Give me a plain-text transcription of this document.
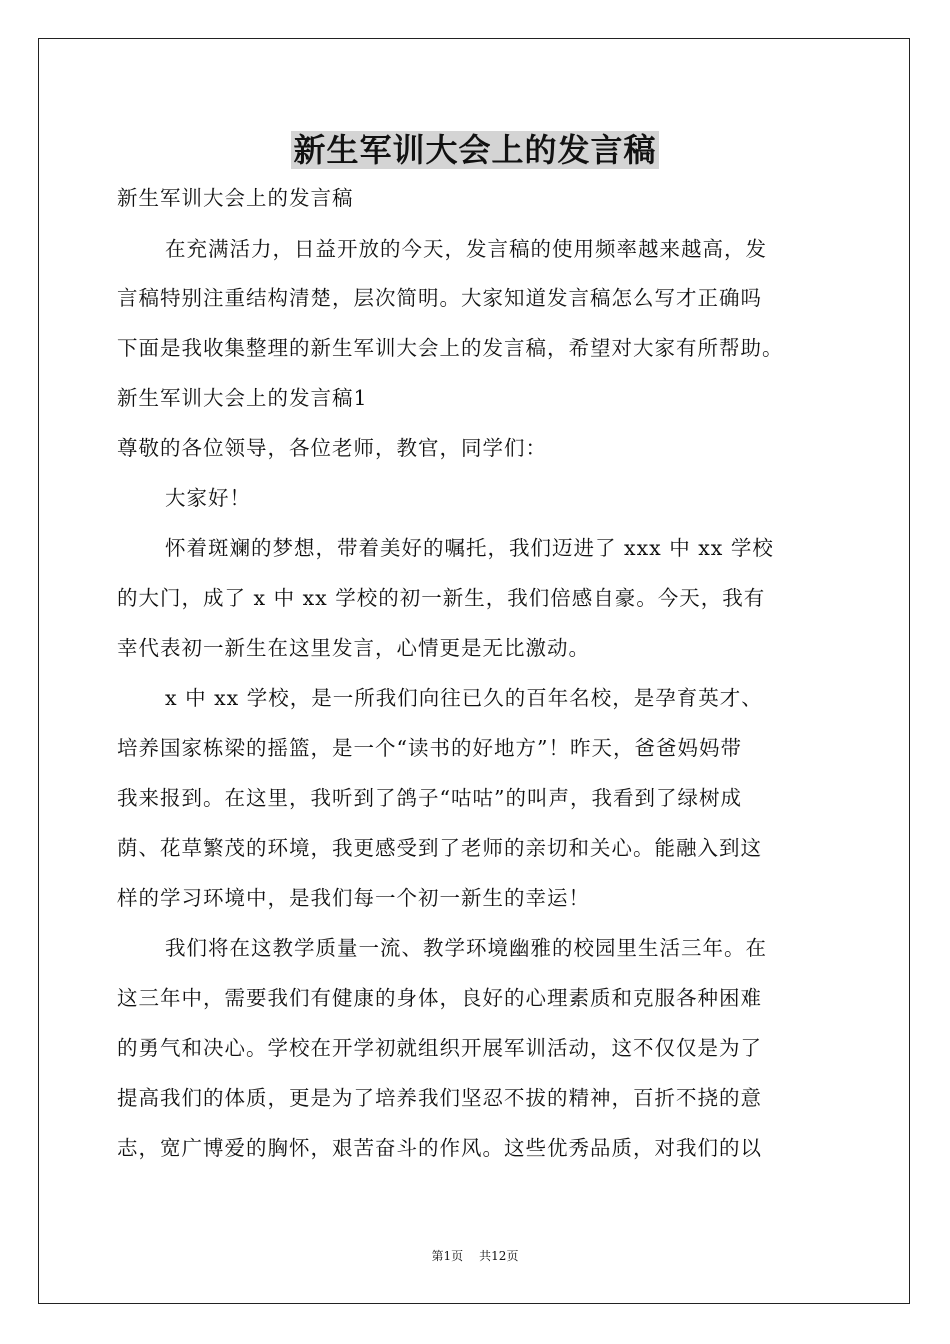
新生军训大会上的发言稿
新生军训大会上的发言稿
在充满活力，日益开放的今天，发言稿的使用频率越来越高，发
言稿特别注重结构清楚，层次简明。大家知道发言稿怎么写才正确吗
下面是我收集整理的新生军训大会上的发言稿，希望对大家有所帮助。
新生军训大会上的发言稿1
尊敬的各位领导，各位老师，教官，同学们：
大家好！
怀着斑斓的梦想，带着美好的嘱托，我们迈进了 xxx 中 xx 学校
的大门，成了 x 中 xx 学校的初一新生，我们倍感自豪。今天，我有
幸代表初一新生在这里发言，心情更是无比激动。
x 中 xx 学校，是一所我们向往已久的百年名校，是孕育英才、
培养国家栋梁的摇篮，是一个“读书的好地方”！昨天，爸爸妈妈带
我来报到。在这里，我听到了鸽子“咕咕”的叫声，我看到了绿树成
荫、花草繁茂的环境，我更感受到了老师的亲切和关心。能融入到这
样的学习环境中，是我们每一个初一新生的幸运！
我们将在这教学质量一流、教学环境幽雅的校园里生活三年。在
这三年中，需要我们有健康的身体，良好的心理素质和克服各种困难
的勇气和决心。学校在开学初就组织开展军训活动，这不仅仅是为了
提高我们的体质，更是为了培养我们坚忍不拔的精神，百折不挠的意
志，宽广博爱的胸怀，艰苦奋斗的作风。这些优秀品质，对我们的以
第1页 共12页
